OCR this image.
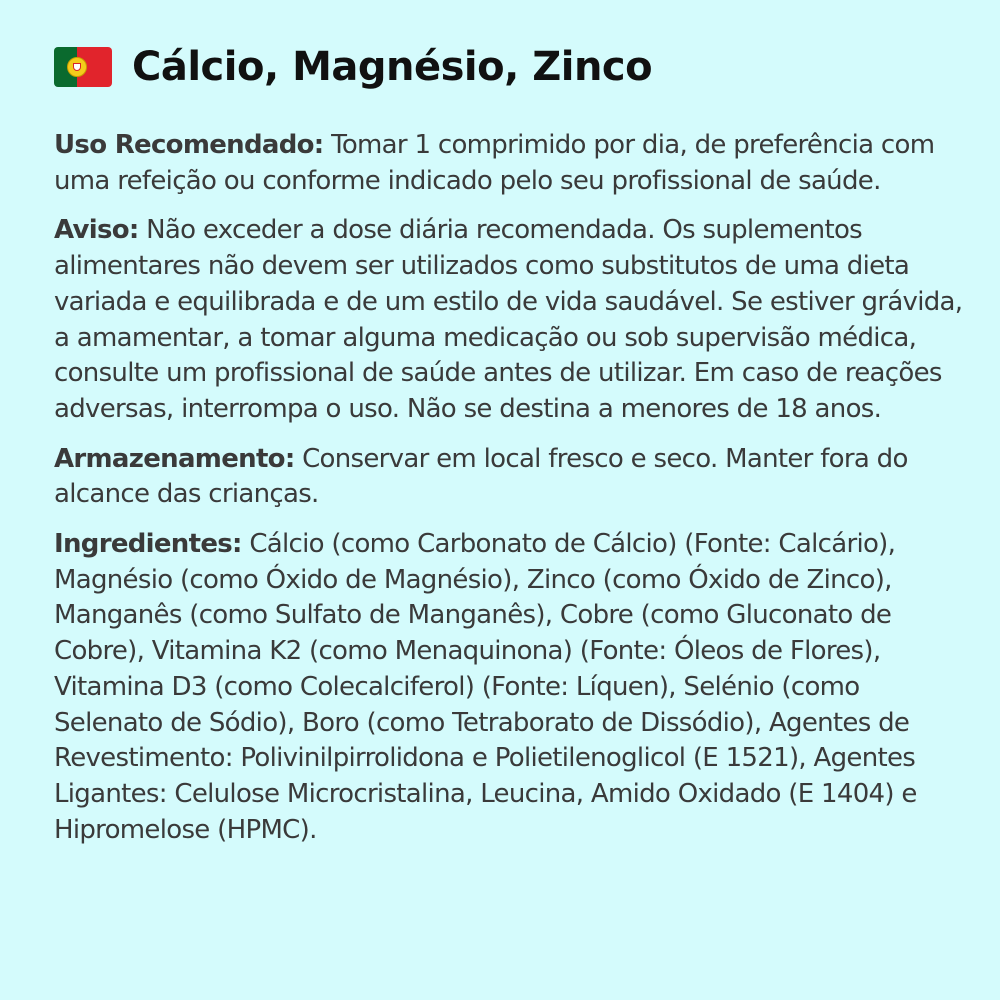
Cálcio, Magnésio, Zinco

Uso Recomendado: Tomar 1 comprimido por dia, de preferência com uma refeição ou conforme indicado pelo seu profissional de saúde.

Aviso: Não exceder a dose diária recomendada. Os suplementos alimentares não devem ser utilizados como substitutos de uma dieta variada e equilibrada e de um estilo de vida saudável. Se estiver grávida, a amamentar, a tomar alguma medicação ou sob supervisão médica, consulte um profissional de saúde antes de utilizar. Em caso de reações adversas, interrompa o uso. Não se destina a menores de 18 anos.

Armazenamento: Conservar em local fresco e seco. Manter fora do alcance das crianças.

Ingredientes: Cálcio (como Carbonato de Cálcio) (Fonte: Calcário), Magnésio (como Óxido de Magnésio), Zinco (como Óxido de Zinco), Manganês (como Sulfato de Manganês), Cobre (como Gluconato de Cobre), Vitamina K2 (como Menaquinona) (Fonte: Óleos de Flores), Vitamina D3 (como Colecalciferol) (Fonte: Líquen), Selénio (como Selenato de Sódio), Boro (como Tetraborato de Dissódio), Agentes de Revestimento: Polivinilpirrolidona e Polietilenoglicol (E 1521), Agentes Ligantes: Celulose Microcristalina, Leucina, Amido Oxidado (E 1404) e Hipromelose (HPMC).
